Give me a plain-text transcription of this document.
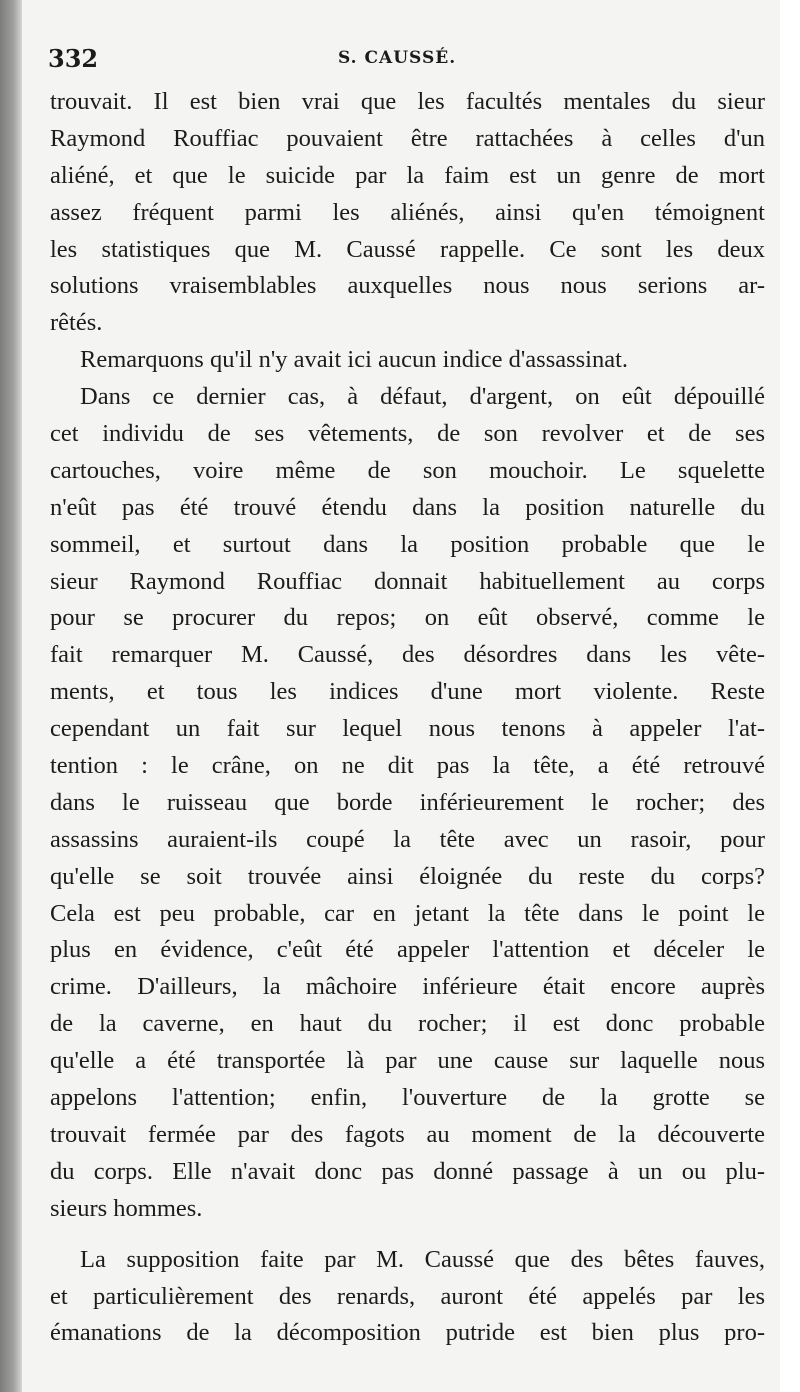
332	S. CAUSSÉ.
trouvait. Il est bien vrai que les facultés mentales du sieur
Raymond Rouffiac pouvaient être rattachées à celles d'un
aliéné, et que le suicide par la faim est un genre de mort
assez fréquent parmi les aliénés, ainsi qu'en témoignent
les statistiques que M. Caussé rappelle. Ce sont les deux
solutions vraisemblables auxquelles nous nous serions ar-
rêtés.
Remarquons qu'il n'y avait ici aucun indice d'assassinat.
Dans ce dernier cas, à défaut, d'argent, on eût dépouillé
cet individu de ses vêtements, de son revolver et de ses
cartouches, voire même de son mouchoir. Le squelette
n'eût pas été trouvé étendu dans la position naturelle du
sommeil, et surtout dans la position probable que le
sieur Raymond Rouffiac donnait habituellement au corps
pour se procurer du repos; on eût observé, comme le
fait remarquer M. Caussé, des désordres dans les vête-
ments, et tous les indices d'une mort violente. Reste
cependant un fait sur lequel nous tenons à appeler l'at-
tention : le crâne, on ne dit pas la tête, a été retrouvé
dans le ruisseau que borde inférieurement le rocher; des
assassins auraient-ils coupé la tête avec un rasoir, pour
qu'elle se soit trouvée ainsi éloignée du reste du corps?
Cela est peu probable, car en jetant la tête dans le point le
plus en évidence, c'eût été appeler l'attention et déceler le
crime. D'ailleurs, la mâchoire inférieure était encore auprès
de la caverne, en haut du rocher; il est donc probable
qu'elle a été transportée là par une cause sur laquelle nous
appelons l'attention; enfin, l'ouverture de la grotte se
trouvait fermée par des fagots au moment de la découverte
du corps. Elle n'avait donc pas donné passage à un ou plu-
sieurs hommes.
La supposition faite par M. Caussé que des bêtes fauves,
et particulièrement des renards, auront été appelés par les
émanations de la décomposition putride est bien plus pro-
